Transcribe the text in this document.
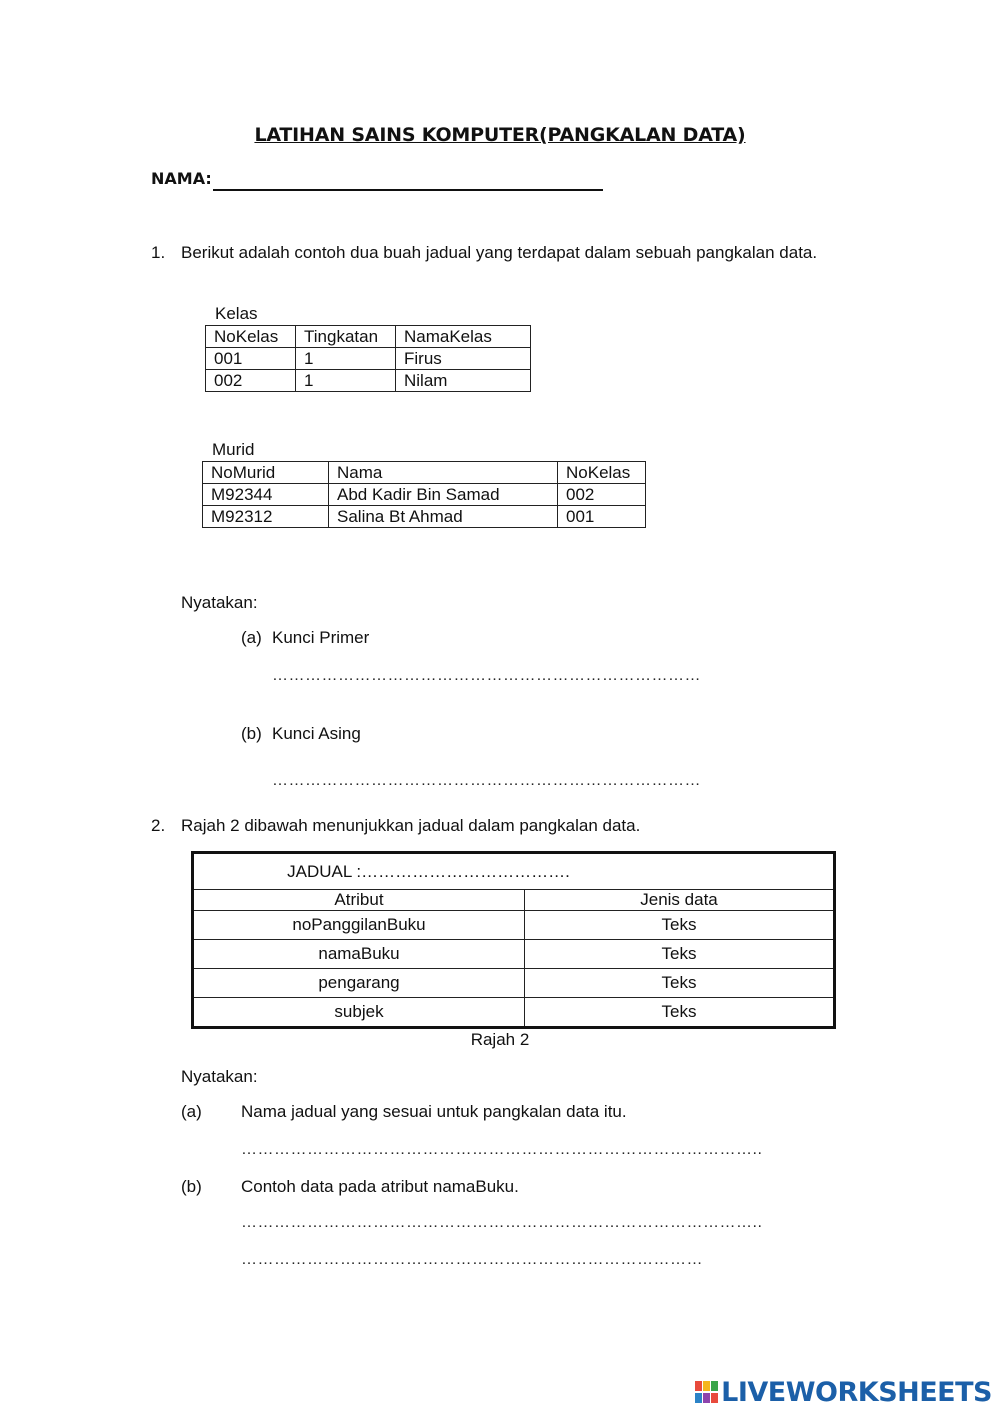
LATIHAN SAINS KOMPUTER(PANGKALAN DATA)
NAMA:
1. Berikut adalah contoh dua buah jadual yang terdapat dalam sebuah pangkalan data.
Kelas
NoKelas	Tingkatan	NamaKelas
001	1	Firus
002	1	Nilam
Murid
NoMurid	Nama	NoKelas
M92344	Abd Kadir Bin Samad	002
M92312	Salina Bt Ahmad	001
Nyatakan:
(a) Kunci Primer
……………………………………………………………………
(b) Kunci Asing
……………………………………………………………………
2. Rajah 2 dibawah menunjukkan jadual dalam pangkalan data.
JADUAL :……………………………….	
Atribut	Jenis data
noPanggilanBuku	Teks
namaBuku	Teks
pengarang	Teks
subjek	Teks
Rajah 2
Nyatakan:
(a) Nama jadual yang sesuai untuk pangkalan data itu.
…………………………………………………………………………………..
(b) Contoh data pada atribut namaBuku.
…………………………………………………………………………………..
…………………………………………………………………………
LIVEWORKSHEETS
